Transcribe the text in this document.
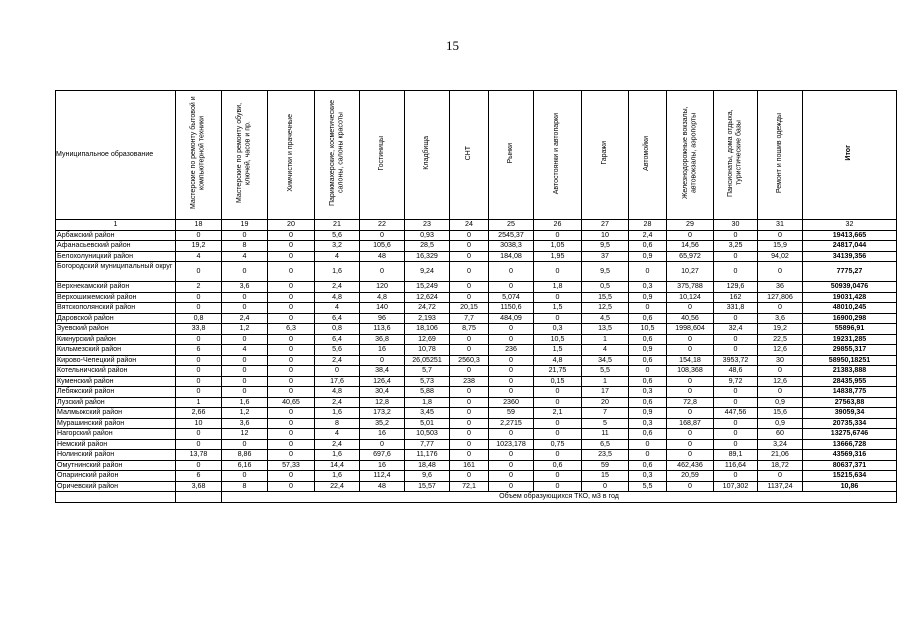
15
Муниципальное образование	Мастерские по ремонту бытовой и компьютерной техники	Мастерские по ремонту обуви, ключей, часов и пр.	Химчистки и прачечные	Парикмахерские, косметические салоны, салоны красоты	Гостиницы	Кладбища	СНТ	Рынки	Автостоянки и автопарки	Гаражи	Автомойки	Железнодорожные вокзалы, автовокзалы, аэропорты	Пансионаты, дома отдыха, туристические базы	Ремонт и пошив одежды	Итог
1	18	19	20	21	22	23	24	25	26	27	28	29	30	31	32
Арбажский район	0	0	0	5,6	0	0,93	0	2545,37	0	10	2,4	0	0	0	19413,665
Афанасьевский район	19,2	8	0	3,2	105,6	28,5	0	3038,3	1,05	9,5	0,6	14,56	3,25	15,9	24817,044
Белохолуницкий район	4	4	0	4	48	16,329	0	184,08	1,95	37	0,9	65,972	0	94,02	34139,356
Богородский муниципальный округ	0	0	0	1,6	0	9,24	0	0	0	9,5	0	10,27	0	0	7775,27
Верхнекамский район	2	3,6	0	2,4	120	15,249	0	0	1,8	0,5	0,3	375,788	129,6	36	50939,0476
Верхошижемский район	0	0	0	4,8	4,8	12,624	0	5,074	0	15,5	0,9	10,124	162	127,806	19031,428
Вятскополянский район	0	0	0	4	140	24,72	20,15	1150,6	1,5	12,5	0	0	331,8	0	48010,245
Даровской район	0,8	2,4	0	6,4	96	2,193	7,7	484,09	0	4,5	0,6	40,56	0	3,6	16900,298
Зуевский район	33,8	1,2	6,3	0,8	113,6	18,106	8,75	0	0,3	13,5	10,5	1998,604	32,4	19,2	55896,91
Кикнурский район	0	0	0	6,4	36,8	12,69	0	0	10,5	1	0,6	0	0	22,5	19231,285
Кильмезский район	6	4	0	5,6	16	10,78	0	236	1,5	4	0,9	0	0	12,6	29855,317
Кирово-Чепецкий район	0	0	0	2,4	0	26,05251	2560,3	0	4,8	34,5	0,6	154,18	3953,72	30	58950,18251
Котельничский район	0	0	0	0	38,4	5,7	0	0	21,75	5,5	0	108,368	48,6	0	21383,888
Куменский район	0	0	0	17,6	126,4	5,73	238	0	0,15	1	0,6	0	9,72	12,6	28435,955
Лебяжский район	0	0	0	4,8	30,4	5,88	0	0	0	17	0,3	0	0	0	14838,775
Лузский район	1	1,6	40,65	2,4	12,8	1,8	0	2360	0	20	0,6	72,8	0	0,9	27563,88
Малмыжский район	2,66	1,2	0	1,6	173,2	3,45	0	59	2,1	7	0,9	0	447,56	15,6	39059,34
Мурашинский район	10	3,6	0	8	35,2	5,01	0	2,2715	0	5	0,3	168,87	0	0,9	20735,334
Нагорский район	0	12	0	4	16	10,503	0	0	0	11	0,6	0	0	60	13275,6746
Немский район	0	0	0	2,4	0	7,77	0	1023,178	0,75	6,5	0	0	0	3,24	13666,728
Нолинский район	13,78	8,86	0	1,6	697,6	11,176	0	0	0	23,5	0	0	89,1	21,06	43569,316
Омутнинский район	0	6,16	57,33	14,4	16	18,48	161	0	0,6	59	0,6	462,436	116,64	18,72	80637,371
Опаринский район	6	0	0	1,6	112,4	9,6	0	0	0	15	0,3	20,59	0	0	15215,634
Оричевский район	3,68	8	0	22,4	48	15,57	72,1	0	0	0	5,5	0	107,302	1137,24	10,86
		Объем образующихся ТКО, м3 в год													
